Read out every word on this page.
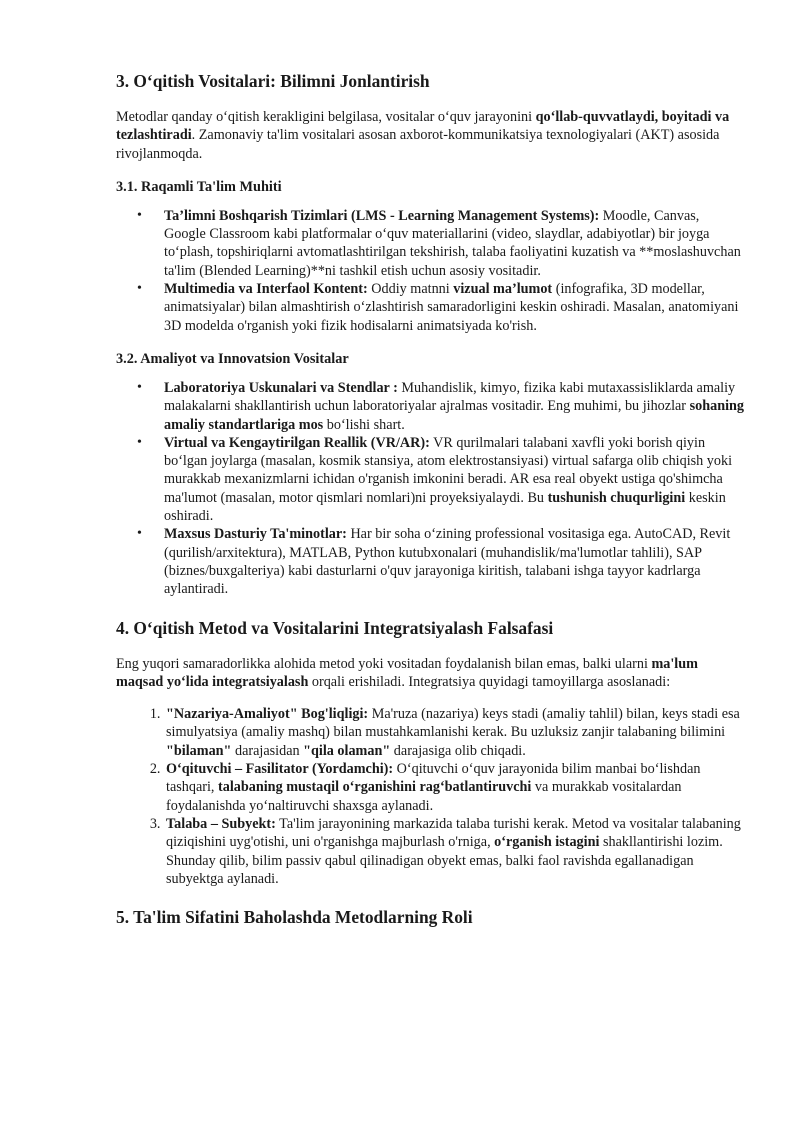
3. O‘qitish Vositalari: Bilimni Jonlantirish

Metodlar qanday o‘qitish kerakligini belgilasa, vositalar o‘quv jarayonini qo‘llab-quvvatlaydi, boyitadi va tezlashtiradi. Zamonaviy ta'lim vositalari asosan axborot-kommunikatsiya texnologiyalari (AKT) asosida rivojlanmoqda.

3.1. Raqamli Ta'lim Muhiti
• Ta’limni Boshqarish Tizimlari (LMS - Learning Management Systems): Moodle, Canvas, Google Classroom kabi platformalar o‘quv materiallarini (video, slaydlar, adabiyotlar) bir joyga to‘plash, topshiriqlarni avtomatlashtirilgan tekshirish, talaba faoliyatini kuzatish va **moslashuvchan ta'lim (Blended Learning)**ni tashkil etish uchun asosiy vositadir.
• Multimedia va Interfaol Kontent: Oddiy matnni vizual ma’lumot (infografika, 3D modellar, animatsiyalar) bilan almashtirish o‘zlashtirish samaradorligini keskin oshiradi. Masalan, anatomiyani 3D modelda o'rganish yoki fizik hodisalarni animatsiyada ko'rish.
3.2. Amaliyot va Innovatsion Vositalar
• Laboratoriya Uskunalari va Stendlar : Muhandislik, kimyo, fizika kabi mutaxassisliklarda amaliy malakalarni shakllantirish uchun laboratoriyalar ajralmas vositadir. Eng muhimi, bu jihozlar sohaning amaliy standartlariga mos bo‘lishi shart.
• Virtual va Kengaytirilgan Reallik (VR/AR): VR qurilmalari talabani xavfli yoki borish qiyin bo‘lgan joylarga (masalan, kosmik stansiya, atom elektrostansiyasi) virtual safarga olib chiqish yoki murakkab mexanizmlarni ichidan o'rganish imkonini beradi. AR esa real obyekt ustiga qo'shimcha ma'lumot (masalan, motor qismlari nomlari)ni proyeksiyalaydi. Bu tushunish chuqurligini keskin oshiradi.
• Maxsus Dasturiy Ta'minotlar: Har bir soha o‘zining professional vositasiga ega. AutoCAD, Revit (qurilish/arxitektura), MATLAB, Python kutubxonalari (muhandislik/ma'lumotlar tahlili), SAP (biznes/buxgalteriya) kabi dasturlarni o'quv jarayoniga kiritish, talabani ishga tayyor kadrlarga aylantiradi.
4. O‘qitish Metod va Vositalarini Integratsiyalash Falsafasi

Eng yuqori samaradorlikka alohida metod yoki vositadan foydalanish bilan emas, balki ularni ma'lum maqsad yo‘lida integratsiyalash orqali erishiladi. Integratsiya quyidagi tamoyillarga asoslanadi:

1. "Nazariya-Amaliyot" Bog'liqligi: Ma'ruza (nazariya) keys stadi (amaliy tahlil) bilan, keys stadi esa simulyatsiya (amaliy mashq) bilan mustahkamlanishi kerak. Bu uzluksiz zanjir talabaning bilimini "bilaman" darajasidan "qila olaman" darajasiga olib chiqadi.
2. O‘qituvchi – Fasilitator (Yordamchi): O‘qituvchi o‘quv jarayonida bilim manbai bo‘lishdan tashqari, talabaning mustaqil o‘rganishini rag‘batlantiruvchi va murakkab vositalardan foydalanishda yo‘naltiruvchi shaxsga aylanadi.
3. Talaba – Subyekt: Ta'lim jarayonining markazida talaba turishi kerak. Metod va vositalar talabaning qiziqishini uyg'otishi, uni o'rganishga majburlash o'rniga, o‘rganish istagini shakllantirishi lozim. Shunday qilib, bilim passiv qabul qilinadigan obyekt emas, balki faol ravishda egallanadigan subyektga aylanadi.
5. Ta'lim Sifatini Baholashda Metodlarning Roli
